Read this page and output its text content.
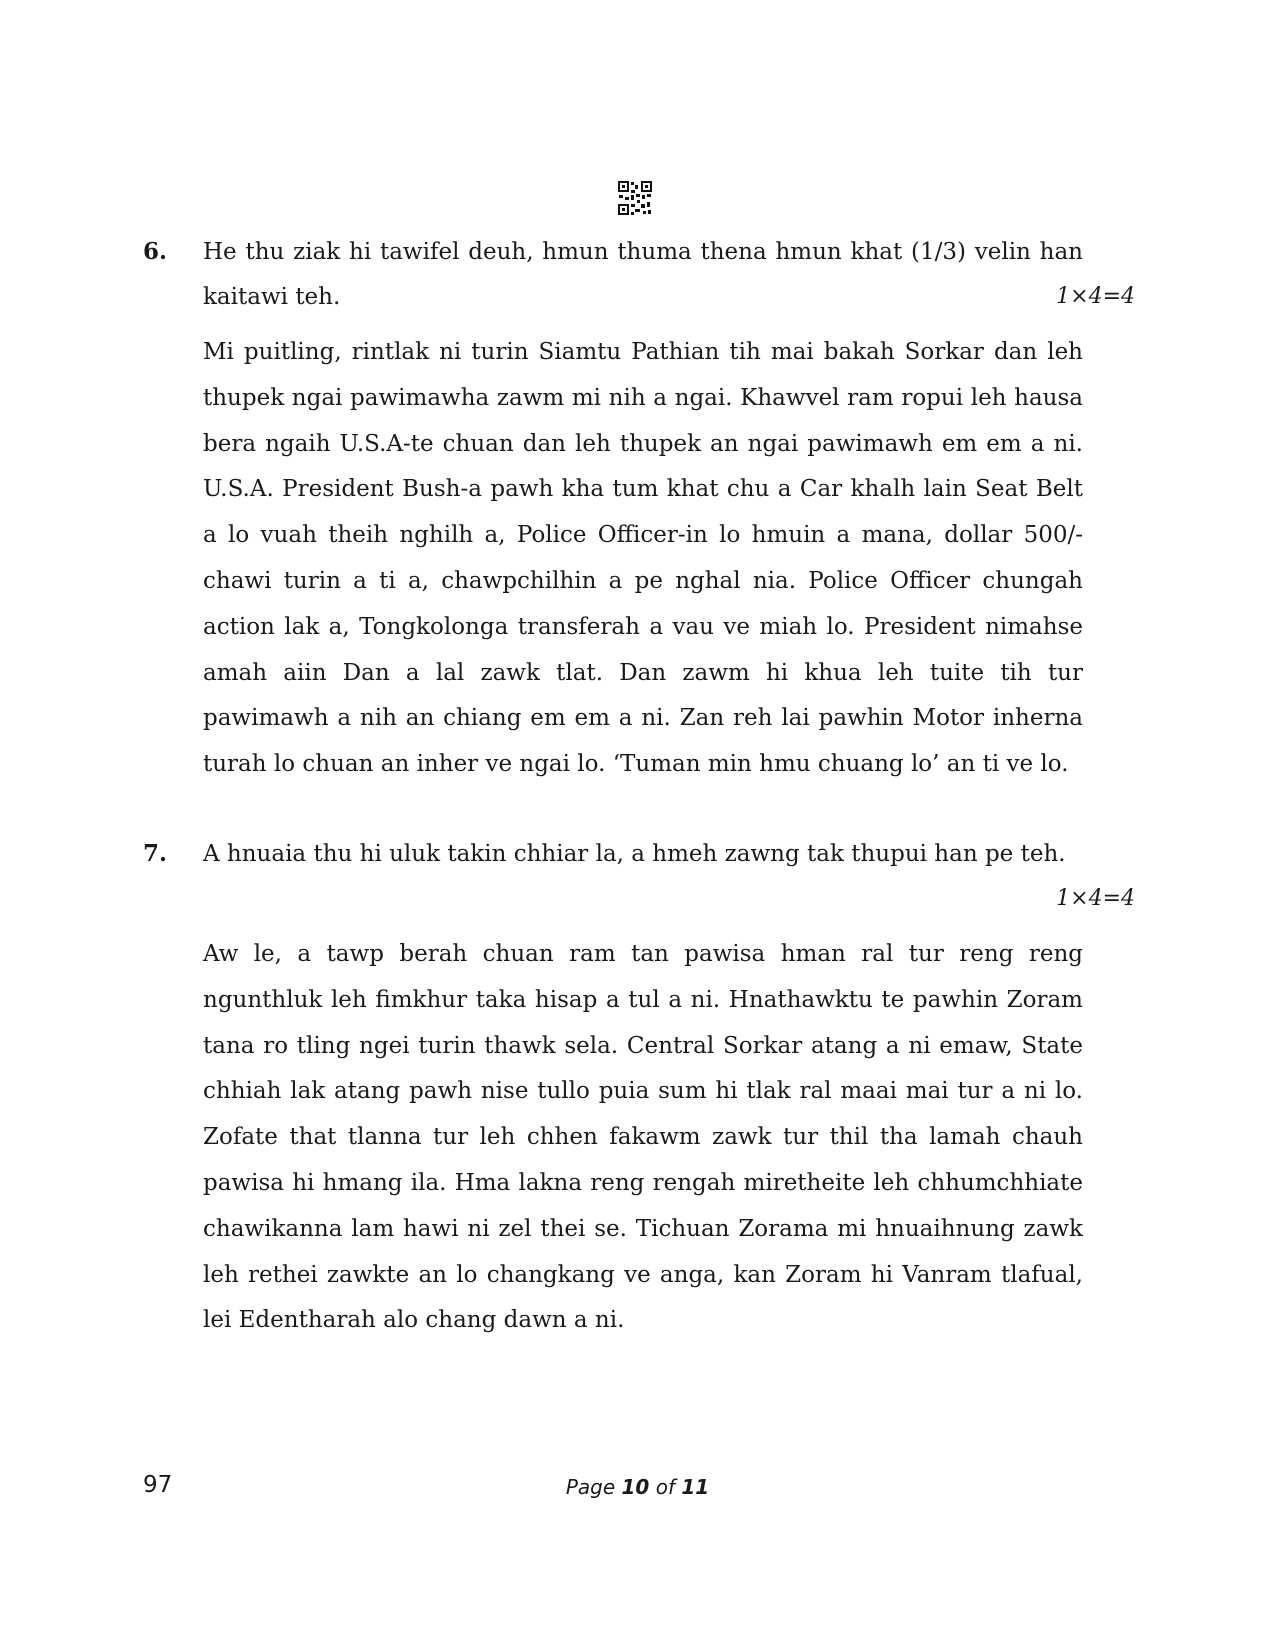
6. He thu ziak hi tawifel deuh, hmun thuma thena hmun khat (1/3) velin han kaitawi teh.	1×4=4

Mi puitling, rintlak ni turin Siamtu Pathian tih mai bakah Sorkar dan leh thupek ngai pawimawha zawm mi nih a ngai. Khawvel ram ropui leh hausa bera ngaih U.S.A-te chuan dan leh thupek an ngai pawimawh em em a ni. U.S.A. President Bush-a pawh kha tum khat chu a Car khalh lain Seat Belt a lo vuah theih nghilh a, Police Officer-in lo hmuin a mana, dollar 500/- chawi turin a ti a, chawpchilhin a pe nghal nia. Police Officer chungah action lak a, Tongkolonga transferah a vau ve miah lo. President nimahse amah aiin Dan a lal zawk tlat. Dan zawm hi khua leh tuite tih tur pawimawh a nih an chiang em em a ni. Zan reh lai pawhin Motor inherna turah lo chuan an inher ve ngai lo. ‘Tuman min hmu chuang lo’ an ti ve lo.

7. A hnuaia thu hi uluk takin chhiar la, a hmeh zawng tak thupui han pe teh.
1×4=4

Aw le, a tawp berah chuan ram tan pawisa hman ral tur reng reng ngunthluk leh fimkhur taka hisap a tul a ni. Hnathawktu te pawhin Zoram tana ro tling ngei turin thawk sela. Central Sorkar atang a ni emaw, State chhiah lak atang pawh nise tullo puia sum hi tlak ral maai mai tur a ni lo. Zofate that tlanna tur leh chhen fakawm zawk tur thil tha lamah chauh pawisa hi hmang ila. Hma lakna reng rengah miretheite leh chhumchhiate chawikanna lam hawi ni zel thei se. Tichuan Zorama mi hnuaihnung zawk leh rethei zawkte an lo changkang ve anga, kan Zoram hi Vanram tlafual, lei Edentharah alo chang dawn a ni.

97	Page 10 of 11
